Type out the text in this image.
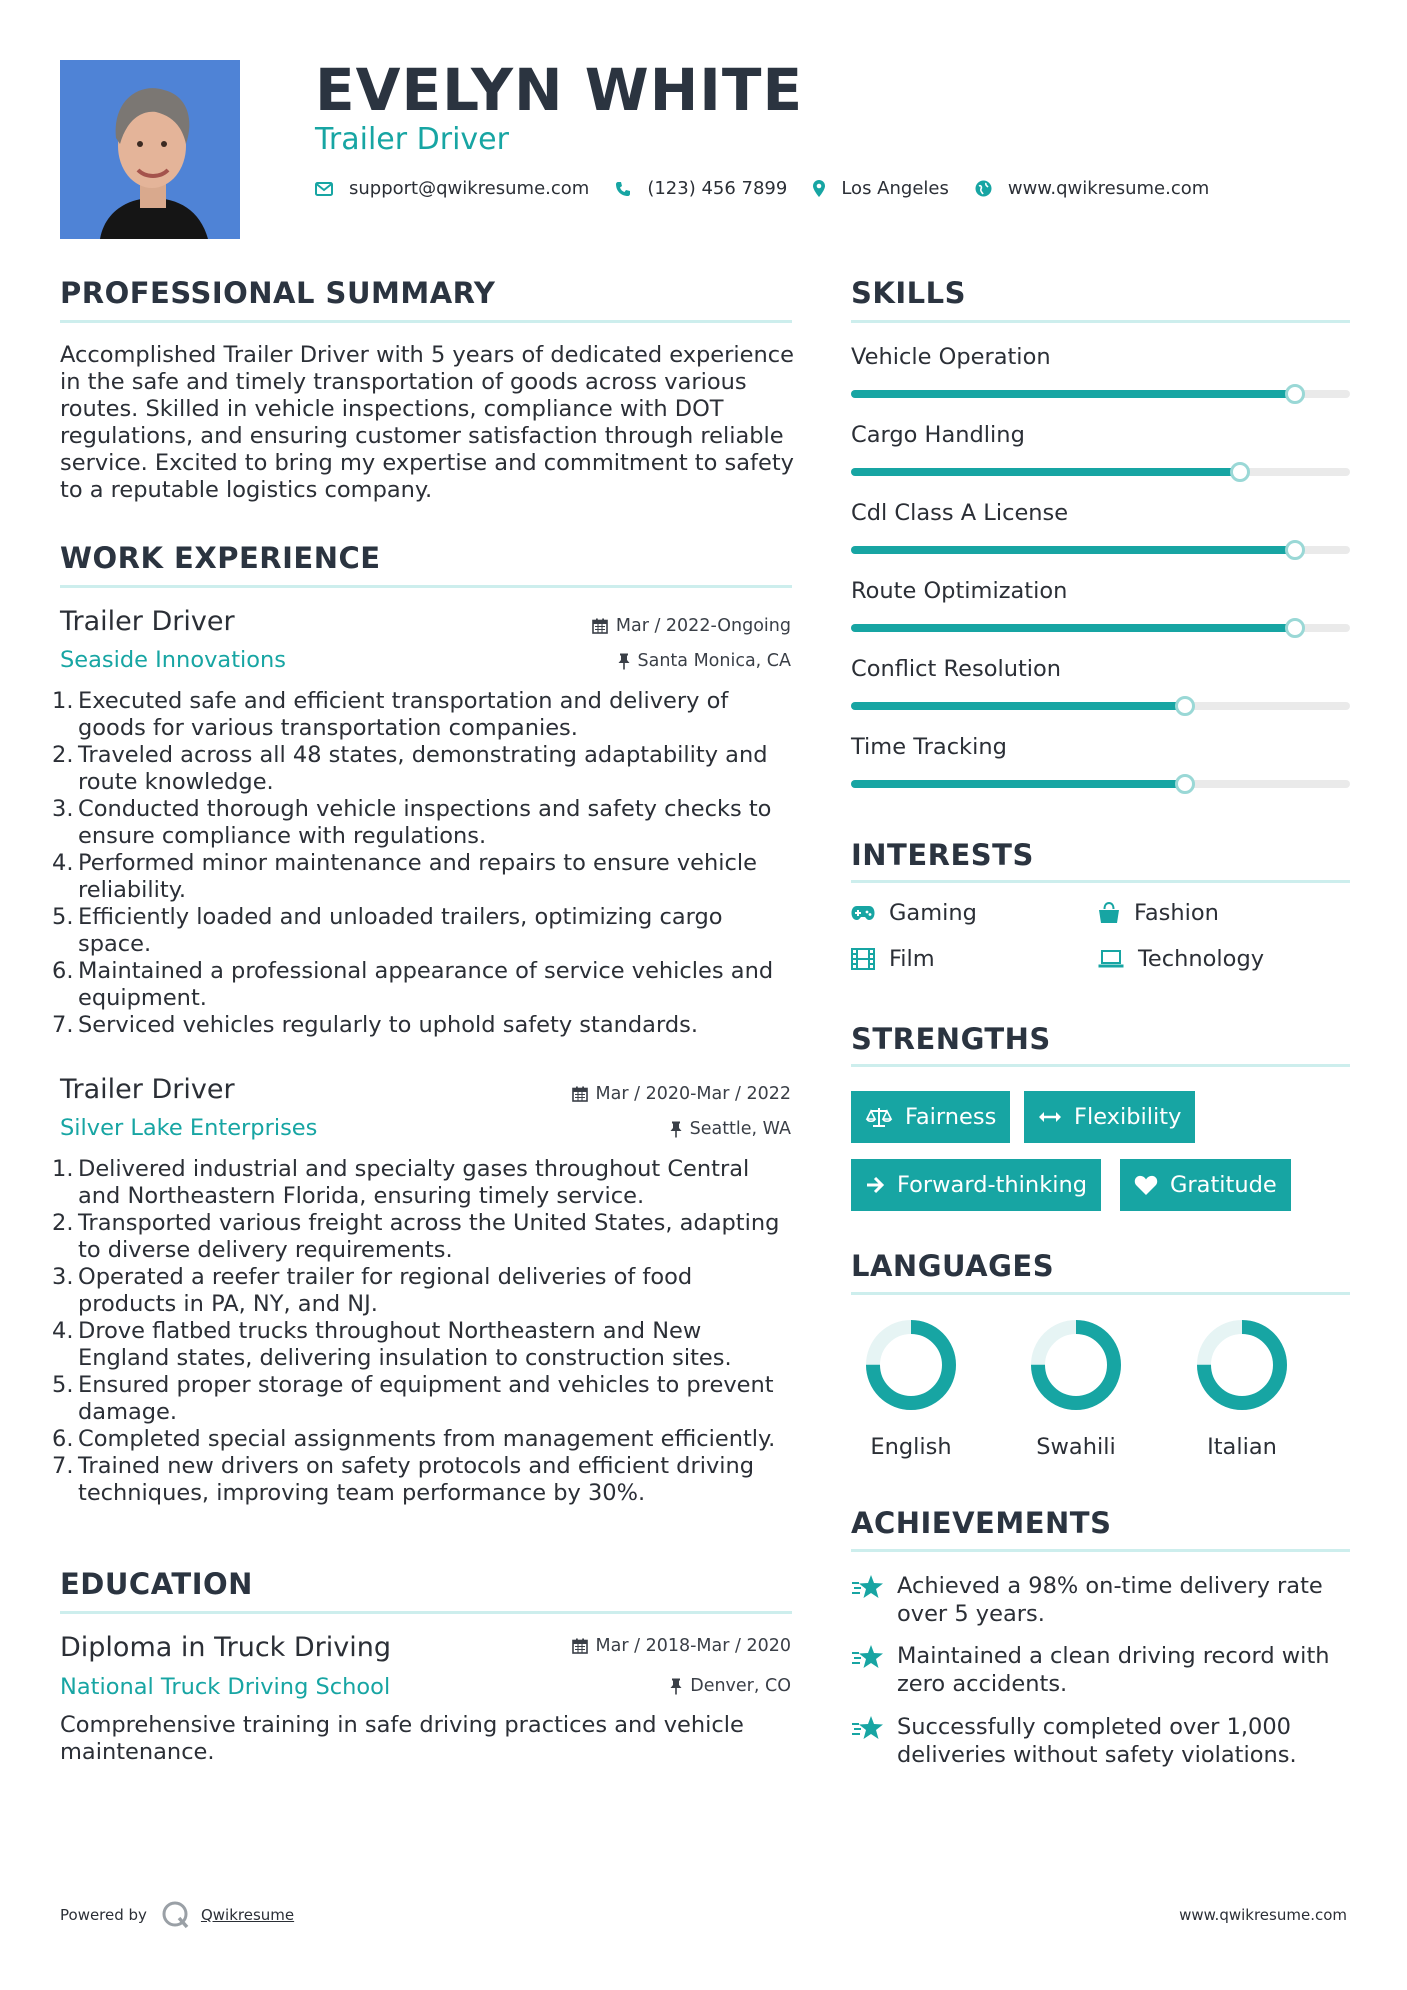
EVELYN WHITE
Trailer Driver
support@qwikresume.com	(123) 456 7899	Los Angeles	www.qwikresume.com
PROFESSIONAL SUMMARY
Accomplished Trailer Driver with 5 years of dedicated experience in the safe and timely transportation of goods across various routes. Skilled in vehicle inspections, compliance with DOT regulations, and ensuring customer satisfaction through reliable service. Excited to bring my expertise and commitment to safety to a reputable logistics company.
WORK EXPERIENCE
Trailer Driver	Mar / 2022-Ongoing
Seaside Innovations	Santa Monica, CA
1. Executed safe and efficient transportation and delivery of goods for various transportation companies.
2. Traveled across all 48 states, demonstrating adaptability and route knowledge.
3. Conducted thorough vehicle inspections and safety checks to ensure compliance with regulations.
4. Performed minor maintenance and repairs to ensure vehicle reliability.
5. Efficiently loaded and unloaded trailers, optimizing cargo space.
6. Maintained a professional appearance of service vehicles and equipment.
7. Serviced vehicles regularly to uphold safety standards.
Trailer Driver	Mar / 2020-Mar / 2022
Silver Lake Enterprises	Seattle, WA
1. Delivered industrial and specialty gases throughout Central and Northeastern Florida, ensuring timely service.
2. Transported various freight across the United States, adapting to diverse delivery requirements.
3. Operated a reefer trailer for regional deliveries of food products in PA, NY, and NJ.
4. Drove flatbed trucks throughout Northeastern and New England states, delivering insulation to construction sites.
5. Ensured proper storage of equipment and vehicles to prevent damage.
6. Completed special assignments from management efficiently.
7. Trained new drivers on safety protocols and efficient driving techniques, improving team performance by 30%.
EDUCATION
Diploma in Truck Driving	Mar / 2018-Mar / 2020
National Truck Driving School	Denver, CO
Comprehensive training in safe driving practices and vehicle maintenance.
SKILLS
Vehicle Operation
Cargo Handling
Cdl Class A License
Route Optimization
Conflict Resolution
Time Tracking
INTERESTS
Gaming	Fashion
Film	Technology
STRENGTHS
Fairness	Flexibility
Forward-thinking	Gratitude
LANGUAGES
English	Swahili	Italian
ACHIEVEMENTS
Achieved a 98% on-time delivery rate over 5 years.
Maintained a clean driving record with zero accidents.
Successfully completed over 1,000 deliveries without safety violations.
Powered by	Qwikresume	www.qwikresume.com
